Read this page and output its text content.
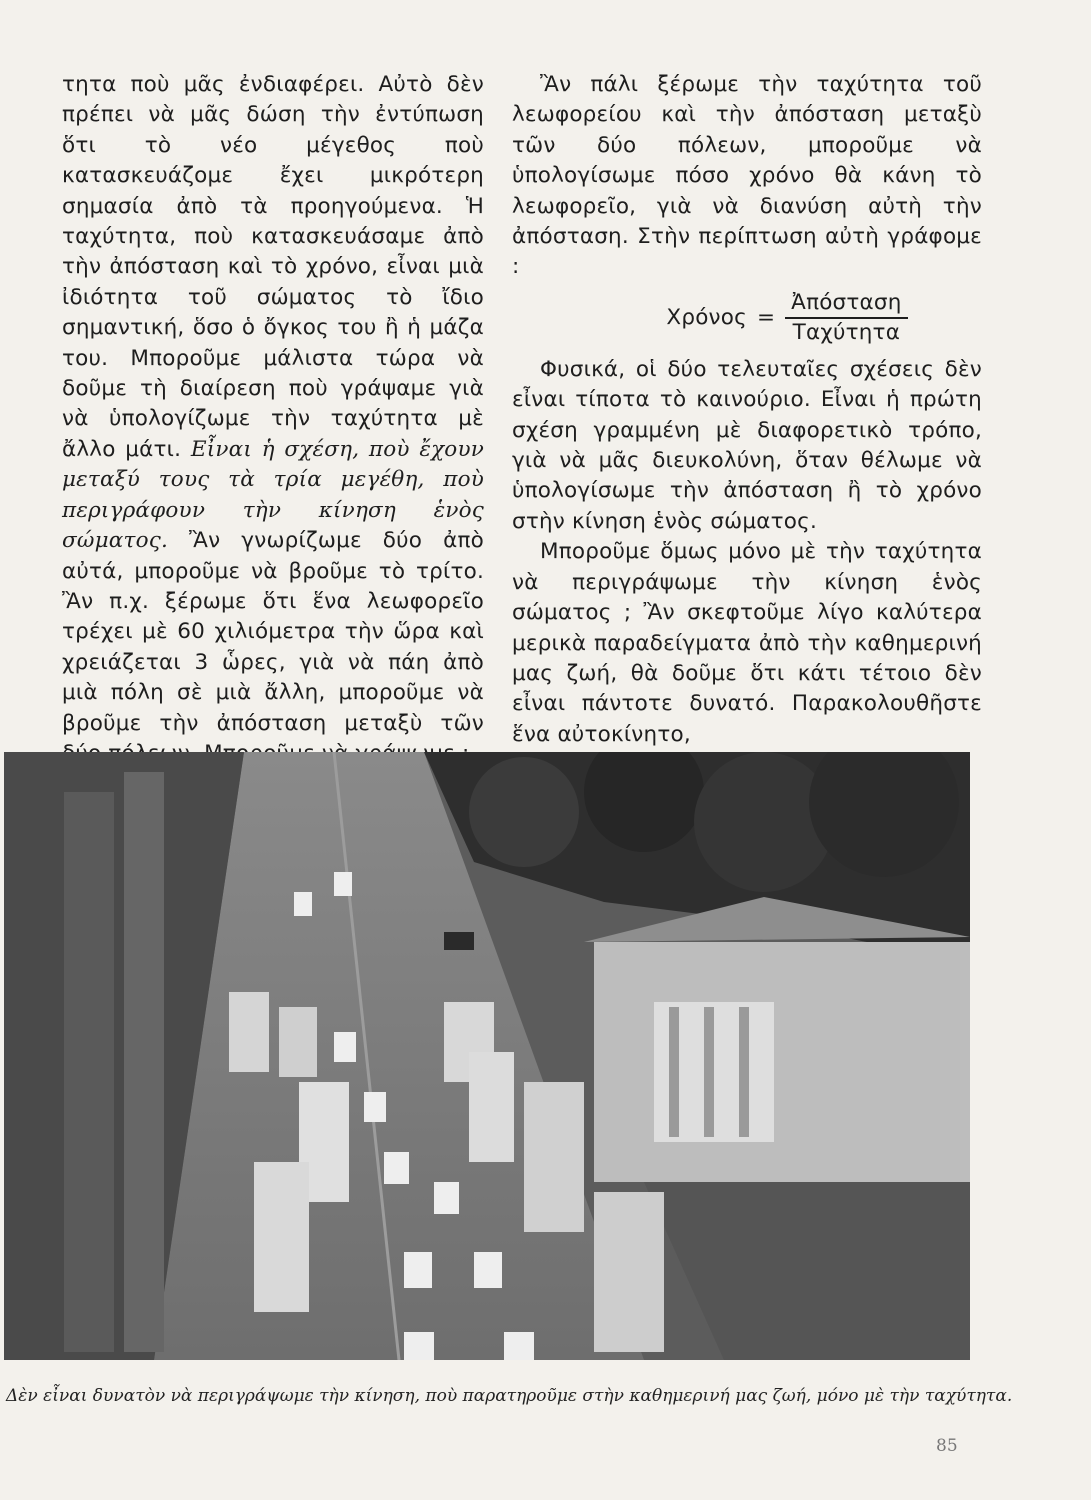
τητα ποὺ μᾶς ἐνδιαφέρει. Αὐτὸ δὲν πρέπει νὰ μᾶς δώση τὴν ἐντύπωση ὅτι τὸ νέο μέγεθος ποὺ κατασκευάζομε ἔχει μικρότερη σημασία ἀπὸ τὰ προηγούμενα. Ἡ ταχύτητα, ποὺ κατασκευάσαμε ἀπὸ τὴν ἀπόσταση καὶ τὸ χρόνο, εἶναι μιὰ ἰδιότητα τοῦ σώματος τὸ ἴδιο σημαντική, ὅσο ὁ ὄγκος του ἢ ἡ μάζα του. Μποροῦμε μάλιστα τώρα νὰ δοῦμε τὴ διαίρεση ποὺ γράψαμε γιὰ νὰ ὑπολογίζωμε τὴν ταχύτητα μὲ ἄλλο μάτι. Εἶναι ἡ σχέση, ποὺ ἔχουν μεταξύ τους τὰ τρία μεγέθη, ποὺ περιγράφουν τὴν κίνηση ἑνὸς σώματος. Ἂν γνωρίζωμε δύο ἀπὸ αὐτά, μποροῦμε νὰ βροῦμε τὸ τρίτο. Ἂν π.χ. ξέρωμε ὅτι ἕνα λεωφορεῖο τρέχει μὲ 60 χιλιόμετρα τὴν ὥρα καὶ χρειάζεται 3 ὧρες, γιὰ νὰ πάη ἀπὸ μιὰ πόλη σὲ μιὰ ἄλλη, μποροῦμε νὰ βροῦμε τὴν ἀπόσταση μεταξὺ τῶν

Ἂν πάλι ξέρωμε τὴν ταχύτητα τοῦ λεωφορείου καὶ τὴν ἀπόσταση μεταξὺ τῶν δύο πόλεων, μποροῦμε νὰ ὑπολογίσωμε πόσο χρόνο θὰ κάνη τὸ λεωφορεῖο, γιὰ νὰ διανύση αὐτὴ τὴν ἀπόσταση. Στὴν περίπτωση αὐτὴ γράφομε :

$X\rho ό\nu o\varsigma = \frac{\text{Ἀπόσταση}}{\text{Ταχύτητα}}$

Φυσικά, οἱ δύο τελευταῖες σχέσεις δὲν εἶναι τίποτα τὸ καινούριο. Εἶναι ἡ πρώτη σχέση γραμμένη μὲ διαφορετικὸ τρόπο, γιὰ νὰ μᾶς διευκολύνη, ὅταν θέλωμε νὰ ὑπολογίσωμε τὴν ἀπόσταση ἢ τὸ χρόνο στὴν κίνηση ἑνὸς σώματος.

Μποροῦμε ὅμως μόνο μὲ τὴν ταχύτητα νὰ περιγράψωμε τὴν κίνηση ἑνὸς σώματος ; Ἂν σκεφτοῦμε λίγο καλύτερα μερικὰ παραδείγματα ἀπὸ τὴν καθημερινή μας ζωή, θὰ δοῦμε ὅτι κάτι τέτοιο δὲν εἶναι πάντοτε δυνατό. Παρακολουθῆστε ἕνα αὐτοκίνητο,

Δὲν εἶναι δυνατὸν νὰ περιγράψωμε τὴν κίνηση, ποὺ παρατηροῦμε στὴν καθημερινή μας ζωή, μόνο μὲ τὴν ταχύτητα.
85
